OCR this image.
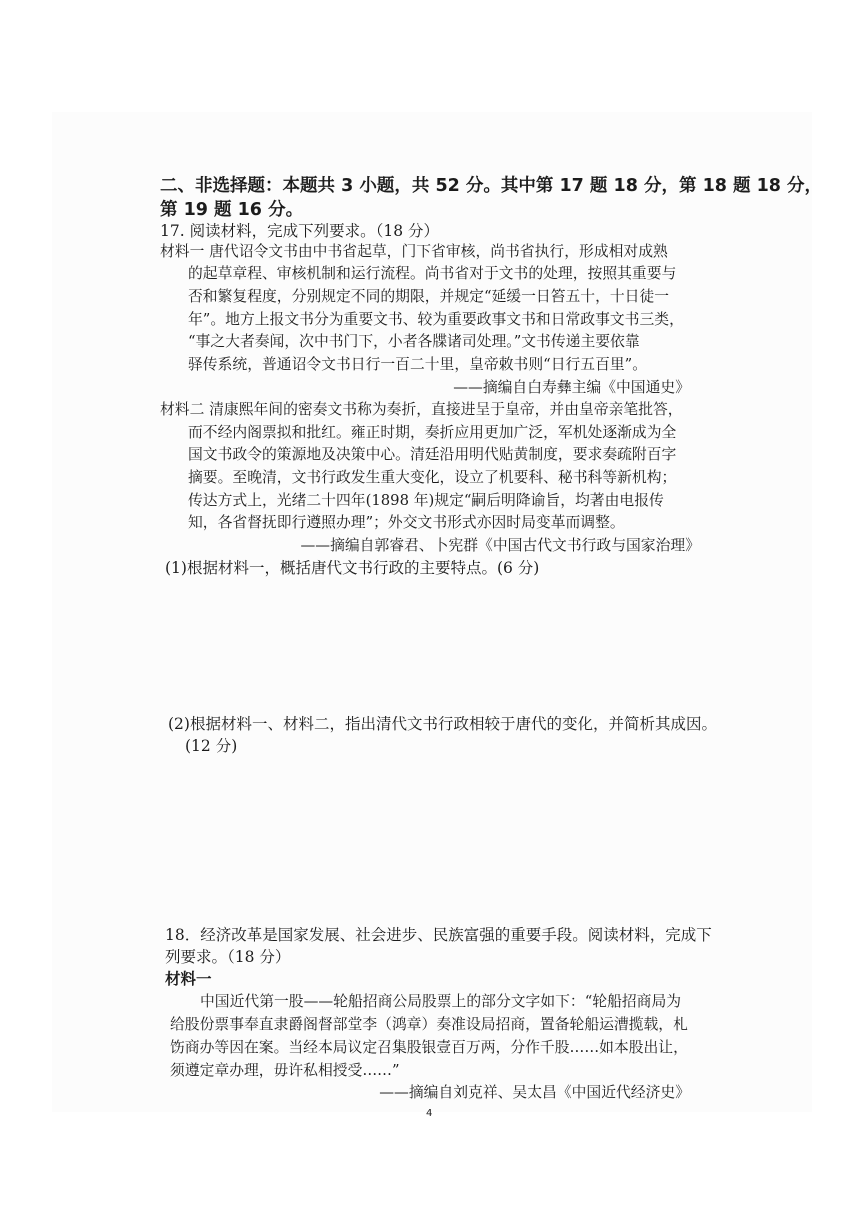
二、非选择题：本题共 3 小题，共 52 分。其中第 17 题 18 分，第 18 题 18 分，
第 19 题 16 分。
17. 阅读材料，完成下列要求。（18 分）
材料一 唐代诏令文书由中书省起草，门下省审核，尚书省执行，形成相对成熟
的起草章程、审核机制和运行流程。尚书省对于文书的处理，按照其重要与
否和繁复程度，分别规定不同的期限，并规定“延缓一日笞五十，十日徒一
年”。地方上报文书分为重要文书、较为重要政事文书和日常政事文书三类，
“事之大者奏闻，次中书门下，小者各牒诸司处理。”文书传递主要依靠
驿传系统，普通诏令文书日行一百二十里，皇帝敕书则“日行五百里”。
——摘编自白寿彝主编《中国通史》
材料二 清康熙年间的密奏文书称为奏折，直接进呈于皇帝，并由皇帝亲笔批答，
而不经内阁票拟和批红。雍正时期，奏折应用更加广泛，军机处逐渐成为全
国文书政令的策源地及决策中心。清廷沿用明代贴黄制度，要求奏疏附百字
摘要。至晚清，文书行政发生重大变化，设立了机要科、秘书科等新机构；
传达方式上，光绪二十四年(1898 年)规定“嗣后明降谕旨，均著由电报传
知，各省督抚即行遵照办理”；外交文书形式亦因时局变革而调整。
——摘编自郭睿君、卜宪群《中国古代文书行政与国家治理》
(1)根据材料一，概括唐代文书行政的主要特点。(6 分)
(2)根据材料一、材料二，指出清代文书行政相较于唐代的变化，并简析其成因。
(12 分)
18．经济改革是国家发展、社会进步、民族富强的重要手段。阅读材料，完成下
列要求。（18 分）
材料一
中国近代第一股——轮船招商公局股票上的部分文字如下：“轮船招商局为
给股份票事奉直隶爵阁督部堂李（鸿章）奏准设局招商，置备轮船运漕揽载，札
饬商办等因在案。当经本局议定召集股银壹百万两，分作千股……如本股出让，
须遵定章办理，毋许私相授受……”
——摘编自刘克祥、吴太昌《中国近代经济史》
4
